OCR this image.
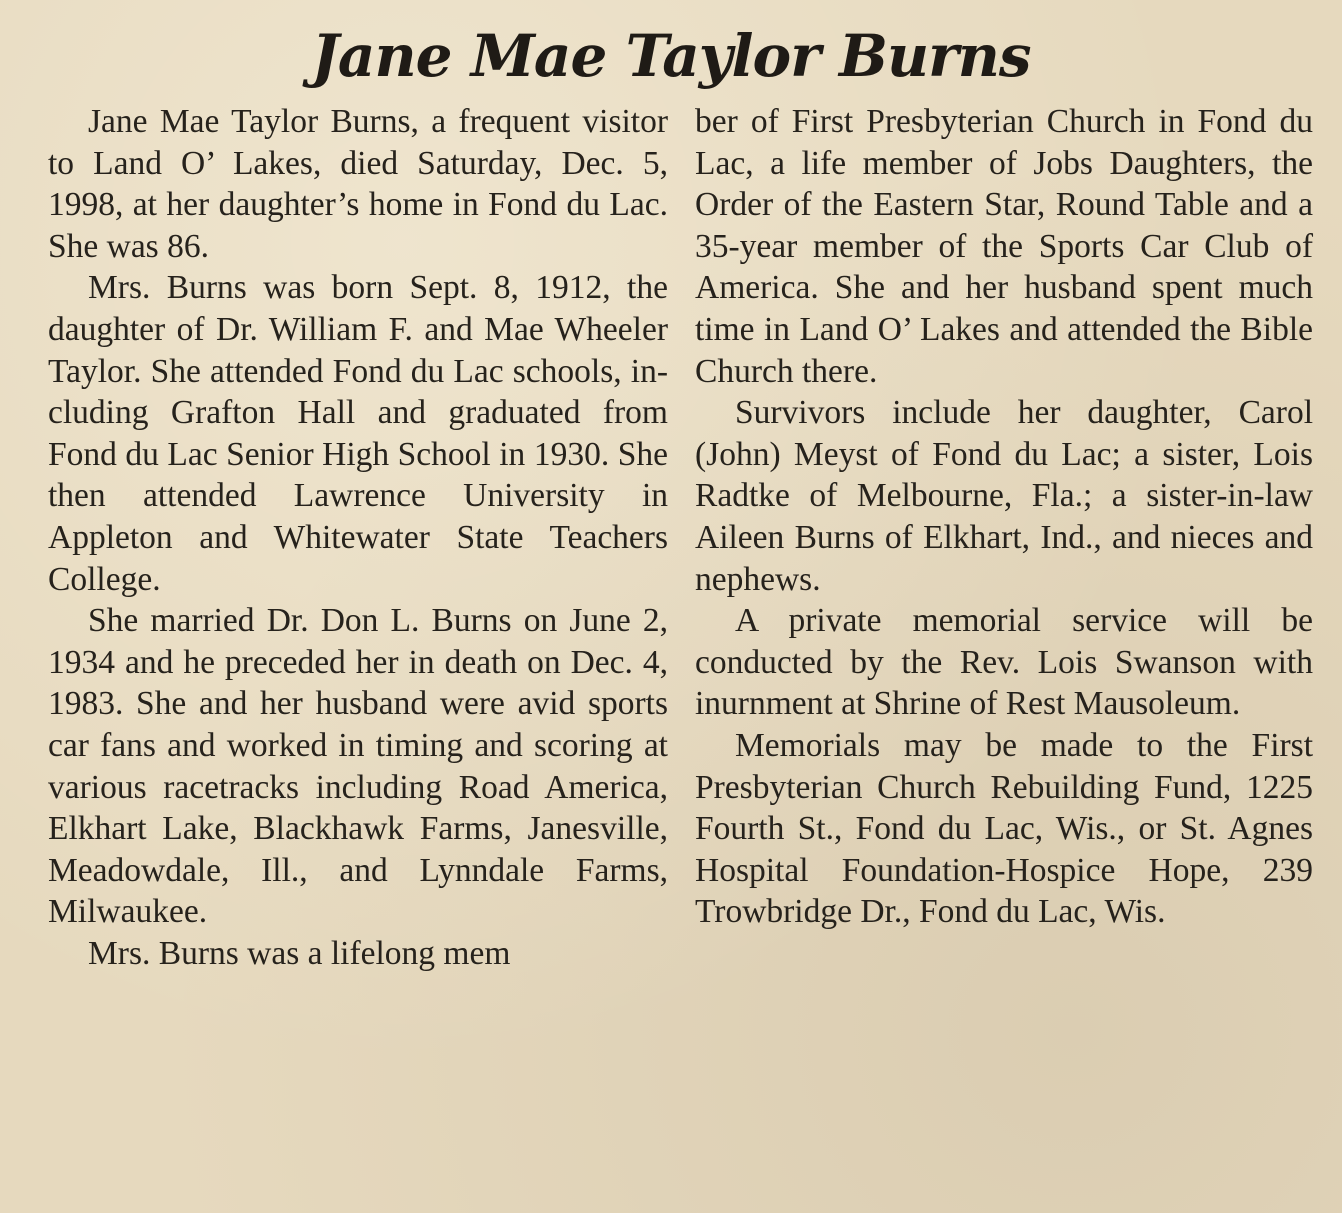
Jane Mae Taylor Burns

Jane Mae Taylor Burns, a frequent visitor to Land O’ Lakes, died Saturday, Dec. 5, 1998, at her daughter’s home in Fond du Lac. She was 86.

Mrs. Burns was born Sept. 8, 1912, the daughter of Dr. William F. and Mae Wheeler Taylor. She attended Fond du Lac schools, including Grafton Hall and graduated from Fond du Lac Senior High School in 1930. She then attended Lawrence University in Appleton and Whitewater State Teachers College.

She married Dr. Don L. Burns on June 2, 1934 and he preceded her in death on Dec. 4, 1983. She and her husband were avid sports car fans and worked in timing and scoring at various racetracks including Road America, Elkhart Lake, Blackhawk Farms, Janesville, Meadowdale, Ill., and Lynndale Farms, Milwaukee.

Mrs. Burns was a lifelong mem

ber of First Presbyterian Church in Fond du Lac, a life member of Jobs Daughters, the Order of the Eastern Star, Round Table and a 35-year member of the Sports Car Club of America. She and her husband spent much time in Land O’ Lakes and attended the Bible Church there.

Survivors include her daughter, Carol (John) Meyst of Fond du Lac; a sister, Lois Radtke of Melbourne, Fla.; a sister-in-law Aileen Burns of Elkhart, Ind., and nieces and nephews.

A private memorial service will be conducted by the Rev. Lois Swanson with inurnment at Shrine of Rest Mausoleum.

Memorials may be made to the First Presbyterian Church Rebuilding Fund, 1225 Fourth St., Fond du Lac, Wis., or St. Agnes Hospital Foundation-Hospice Hope, 239 Trowbridge Dr., Fond du Lac, Wis.
